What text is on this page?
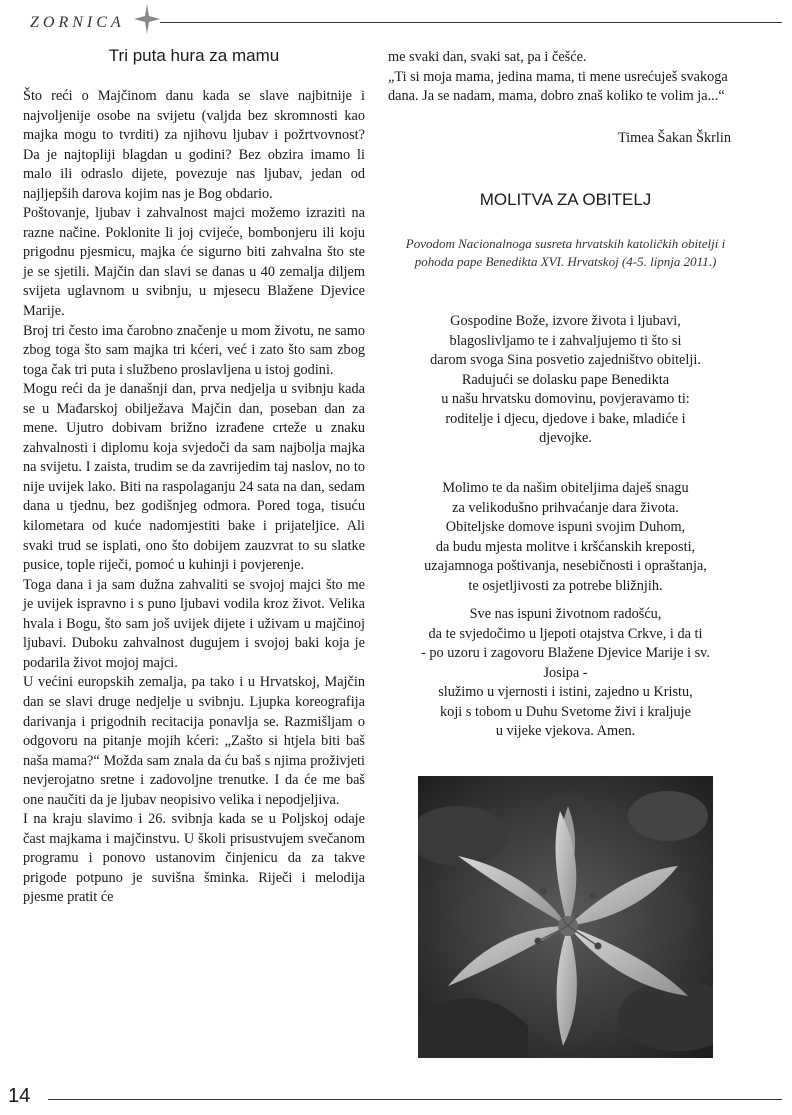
ZORNICA
Tri puta hura za mamu

Što reći o Majčinom danu kada se slave najbitnije i najvoljenije osobe na svijetu (valjda bez skromnosti kao majka mogu to tvrditi) za njihovu ljubav i požrtvovnost? Da je najtopliji blagdan u godini? Bez obzira imamo li malo ili odraslo dijete, povezuje nas ljubav, jedan od najljepših darova kojim nas je Bog obdario.

Poštovanje, ljubav i zahvalnost majci možemo izraziti na razne načine. Poklonite li joj cvijeće, bombonjeru ili koju prigodnu pjesmicu, majka će sigurno biti zahvalna što ste je se sjetili. Majčin dan slavi se danas u 40 zemalja diljem svijeta uglavnom u svibnju, u mjesecu Blažene Djevice Marije.

Broj tri često ima čarobno značenje u mom životu, ne samo zbog toga što sam majka tri kćeri, već i zato što sam zbog toga čak tri puta i službeno proslavljena u istoj godini.

Mogu reći da je današnji dan, prva nedjelja u svibnju kada se u Mađarskoj obilježava Majčin dan, poseban dan za mene. Ujutro dobivam brižno izrađene crteže u znaku zahvalnosti i diplomu koja svjedoči da sam najbolja majka na svijetu. I zaista, trudim se da zavrijedim taj naslov, no to nije uvijek lako. Biti na raspolaganju 24 sata na dan, sedam dana u tjednu, bez godišnjeg odmora. Pored toga, tisuću kilometara od kuće nadomjestiti bake i prijateljice. Ali svaki trud se isplati, ono što dobijem zauzvrat to su slatke pusice, tople riječi, pomoć u kuhinji i povjerenje.

Toga dana i ja sam dužna zahvaliti se svojoj majci što me je uvijek ispravno i s puno ljubavi vodila kroz život. Velika hvala i Bogu, što sam još uvijek dijete i uživam u majčinoj ljubavi. Duboku zahvalnost dugujem i svojoj baki koja je podarila život mojoj majci.

U većini europskih zemalja, pa tako i u Hrvatskoj, Majčin dan se slavi druge nedjelje u svibnju. Ljupka koreografija darivanja i prigodnih recitacija ponavlja se. Razmišljam o odgovoru na pitanje mojih kćeri: „Zašto si htjela biti baš naša mama?“ Možda sam znala da ću baš s njima proživjeti nevjerojatno sretne i zadovoljne trenutke. I da će me baš one naučiti da je ljubav neopisivo velika i nepodjeljiva.

I na kraju slavimo i 26. svibnja kada se u Poljskoj odaje čast majkama i majčinstvu. U školi prisustvujem svečanom programu i ponovo ustanovim činjenicu da za takve prigode potpuno je suvišna šminka. Riječi i melodija pjesme pratit će

me svaki dan, svaki sat, pa i češće.

„Ti si moja mama, jedina mama, ti mene usrećuješ svakoga dana. Ja se nadam, mama, dobro znaš koliko te volim ja...“

Timea Šakan Škrlin
MOLITVA ZA OBITELJ

Povodom Nacionalnoga susreta hrvatskih katoličkih obitelji i pohoda pape Benedikta XVI. Hrvatskoj (4-5. lipnja 2011.)

Gospodine Bože, izvore života i ljubavi,

blagoslivljamo te i zahvaljujemo ti što si

darom svoga Sina posvetio zajedništvo obitelji.

Radujući se dolasku pape Benedikta

u našu hrvatsku domovinu, povjeravamo ti:

roditelje i djecu, djedove i bake, mladiće i

djevojke.

Molimo te da našim obiteljima daješ snagu

za velikodušno prihvaćanje dara života.

Obiteljske domove ispuni svojim Duhom,

da budu mjesta molitve i kršćanskih kreposti,

uzajamnoga poštivanja, nesebičnosti i opraštanja,

te osjetljivosti za potrebe bližnjih.

Sve nas ispuni životnom radošću,

da te svjedočimo u ljepoti otajstva Crkve, i da ti

- po uzoru i zagovoru Blažene Djevice Marije i sv.

Josipa -

služimo u vjernosti i istini, zajedno u Kristu,

koji s tobom u Duhu Svetome živi i kraljuje

u vijeke vjekova. Amen.

14
